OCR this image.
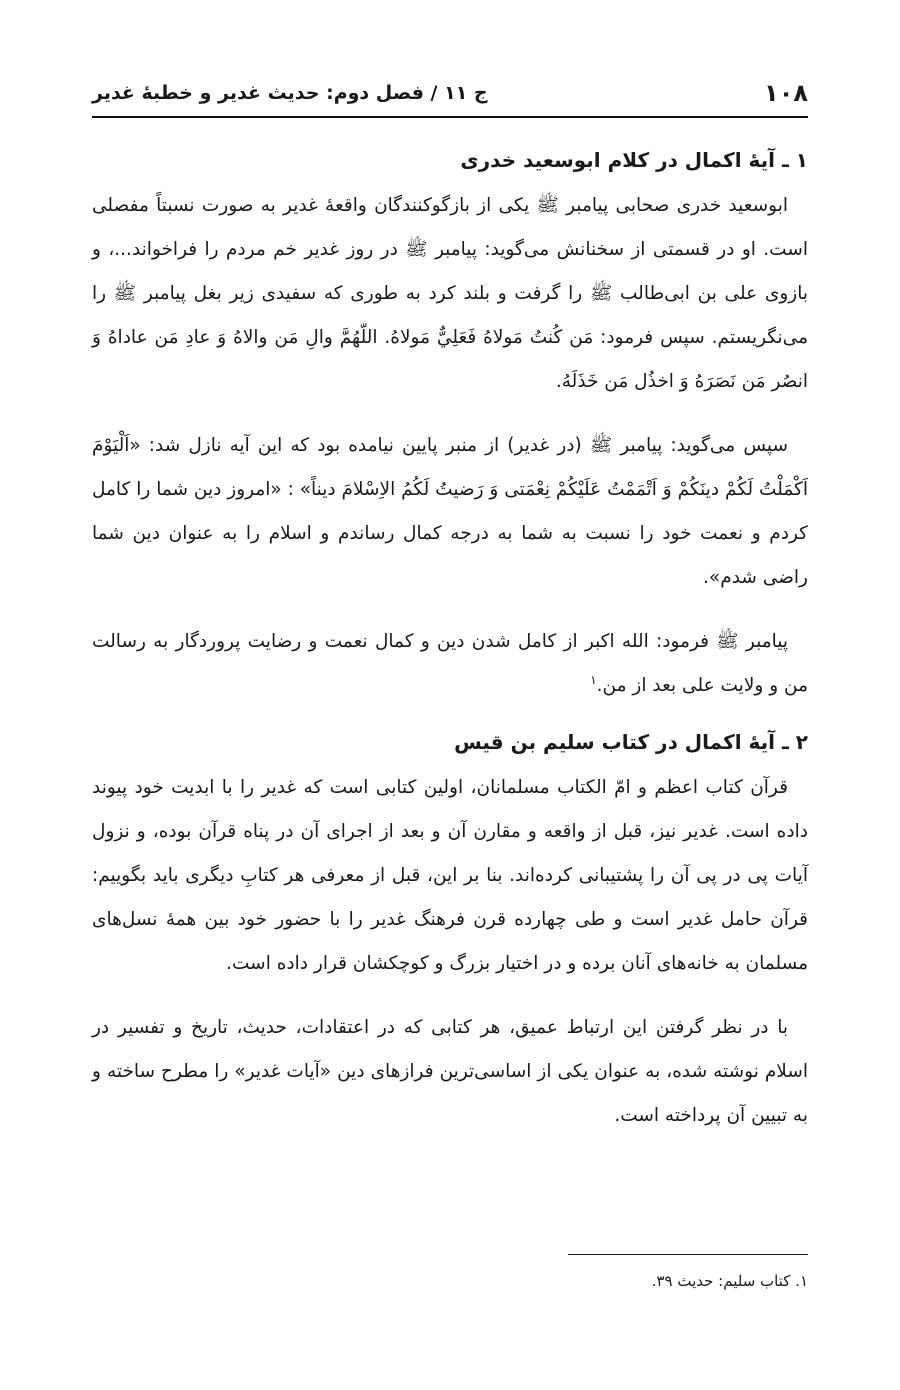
۱۰۸
ج ۱۱ / فصل دوم: حديث غدير و خطبۀ غدير
۱ ـ آيۀ اكمال در كلام ابوسعيد خدرى

ابوسعيد خدرى صحابى پيامبر ﷺ يكى از بازگوكنندگان واقعۀ غدير به صورت نسبتاً مفصلى است. او در قسمتى از سخنانش مى‌گويد: پيامبر ﷺ در روز غدير خم مردم را فراخواند...، و بازوى على بن ابى‌طالب ﷺ را گرفت و بلند كرد به طورى كه سفيدى زير بغل پيامبر ﷺ را مى‌نگريستم. سپس فرمود: مَن كُنتُ مَولاهُ فَعَلِيٌّ مَولاهُ. اللّهُمَّ والِ مَن والاهُ وَ عادِ مَن عاداهُ وَ انصُر مَن نَصَرَهُ وَ اخذُل مَن خَذَلَهُ.

سپس مى‌گويد: پيامبر ﷺ (در غدير) از منبر پايين نيامده بود كه اين آيه نازل شد: «اَلْيَوْمَ اَكْمَلْتُ لَكُمْ دينَكُمْ وَ اَتْمَمْتُ عَلَيْكُمْ نِعْمَتى وَ رَضيتُ لَكُمُ الاِسْلامَ ديناً» : «امروز دين شما را كامل كردم و نعمت خود را نسبت به شما به درجه كمال رساندم و اسلام را به عنوان دين شما راضى شدم».

پيامبر ﷺ فرمود: الله اكبر از كامل شدن دين و كمال نعمت و رضايت پروردگار به رسالت من و ولايت على بعد از من.$^۱$

۲ ـ آيۀ اكمال در كتاب سليم بن قيس

قرآن كتاب اعظم و امّ الكتاب مسلمانان، اولين كتابى است كه غدير را با ابديت خود پيوند داده است. غدير نيز، قبل از واقعه و مقارن آن و بعد از اجراى آن در پناه قرآن بوده، و نزول آيات پى در پى آن را پشتيبانى كرده‌اند. بنا بر اين، قبل از معرفى هر كتابِ ديگرى بايد بگوييم: قرآن حامل غدير است و طى چهارده قرن فرهنگ غدير را با حضور خود بين همۀ نسل‌هاى مسلمان به خانه‌هاى آنان برده و در اختيار بزرگ و كوچكشان قرار داده است.

با در نظر گرفتن اين ارتباط عميق، هر كتابى كه در اعتقادات، حديث، تاريخ و تفسير در اسلام نوشته شده، به عنوان يكى از اساسى‌ترين فرازهاى دين «آيات غدير» را مطرح ساخته و به تبيين آن پرداخته است.

۱. كتاب سليم: حديث ۳۹.
